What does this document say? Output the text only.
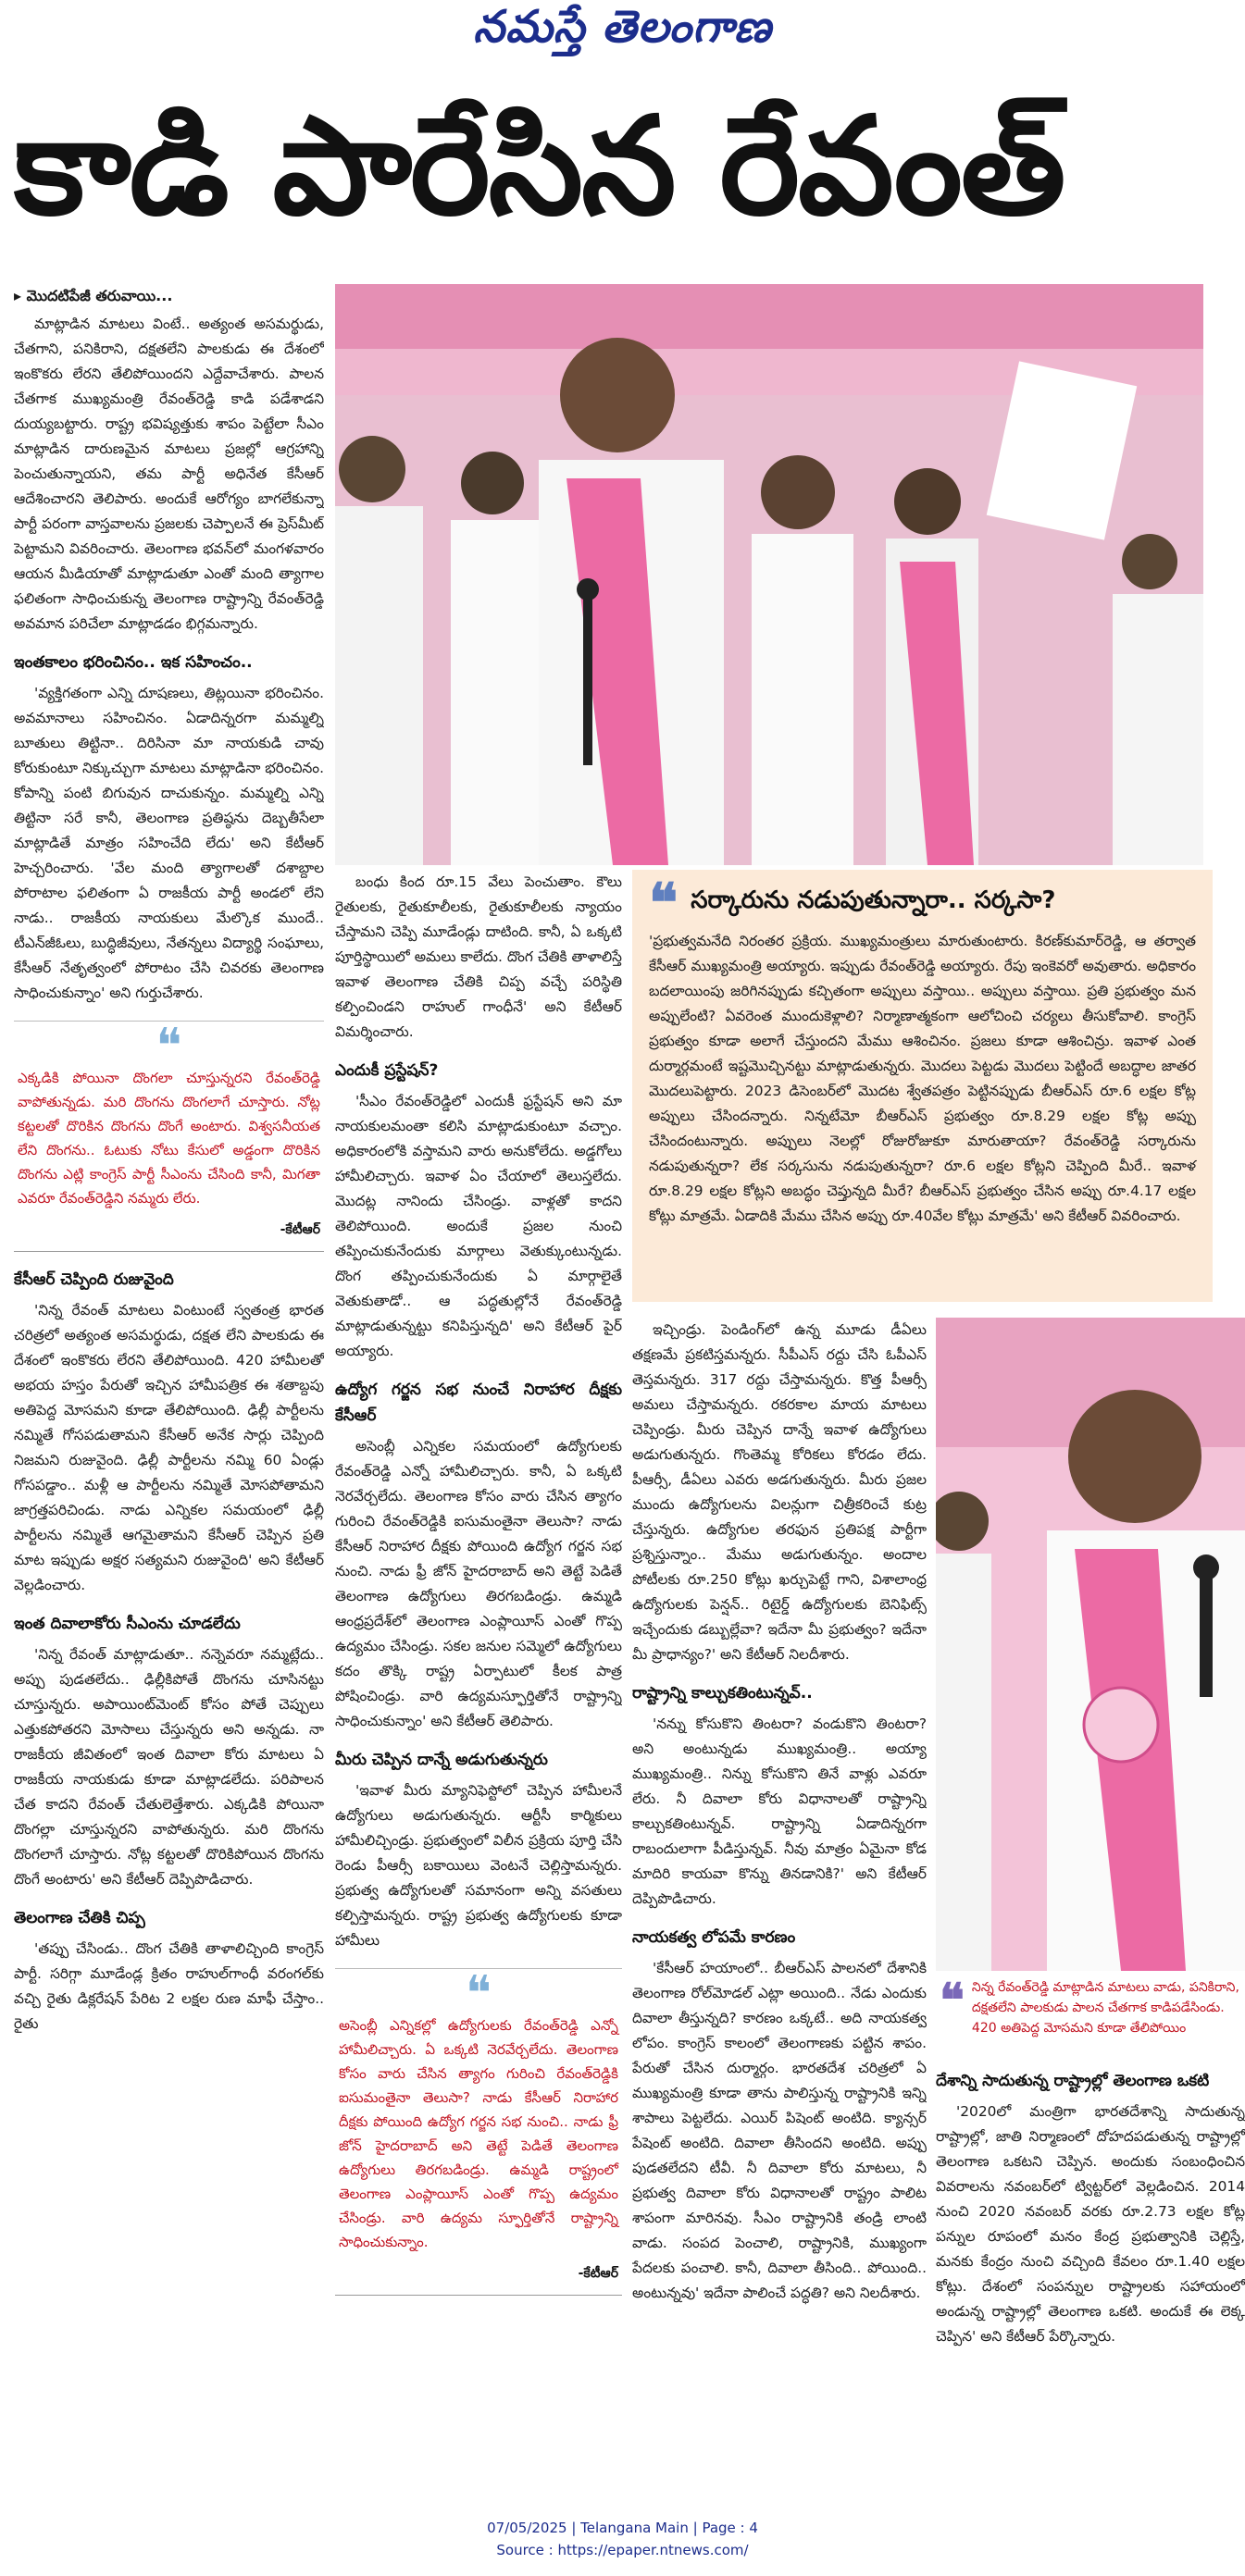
నమస్తే తెలంగాణ
కాడి పారేసిన రేవంత్
▸ మొదటిపేజీ తరువాయి...

మాట్లాడిన మాటలు వింటే.. అత్యంత అసమర్థుడు, చేతగాని, పనికిరాని, దక్షతలేని పాలకుడు ఈ దేశంలో ఇంకొకరు లేరని తేలిపోయిందని ఎద్దేవాచేశారు. పాలన చేతగాక ముఖ్యమంత్రి రేవంత్‌రెడ్డి కాడి పడేశాడని దుయ్యబట్టారు. రాష్ట్ర భవిష్యత్తుకు శాపం పెట్టేలా సీఎం మాట్లాడిన దారుణమైన మాటలు ప్రజల్లో ఆగ్రహాన్ని పెంచుతున్నాయని, తమ పార్టీ అధినేత కేసీఆర్ ఆదేశించారని తెలిపారు. అందుకే ఆరోగ్యం బాగలేకున్నా పార్టీ పరంగా వాస్తవాలను ప్రజలకు చెప్పాలనే ఈ ప్రెస్‌మీట్ పెట్టామని వివరించారు. తెలంగాణ భవన్‌లో మంగళవారం ఆయన మీడియాతో మాట్లాడుతూ ఎంతో మంది త్యాగాల ఫలితంగా సాధించుకున్న తెలంగాణ రాష్ట్రాన్ని రేవంత్‌రెడ్డి అవమాన పరిచేలా మాట్లాడడం భిగ్గమన్నారు.

ఇంతకాలం భరించినం.. ఇక సహించం..

'వ్యక్తిగతంగా ఎన్ని దూషణలు, తిట్లయినా భరించినం. అవమానాలు సహించినం. ఏడాదిన్నరగా మమ్మల్ని బూతులు తిట్టినా.. దిరిసినా మా నాయకుడి చావు కోరుకుంటూ నిక్కుచ్చుగా మాటలు మాట్లాడినా భరించినం. కోపాన్ని పంటి బిగువున దాచుకున్నం. మమ్మల్ని ఎన్ని తిట్టినా సరే కానీ, తెలంగాణ ప్రతిష్ఠను దెబ్బతీసేలా మాట్లాడితే మాత్రం సహించేది లేదు' అని కేటీఆర్ హెచ్చరించారు. 'వేల మంది త్యాగాలతో దశాబ్దాల పోరాటాల ఫలితంగా ఏ రాజకీయ పార్టీ అండలో లేని నాడు.. రాజకీయ నాయకులు మేల్కొక ముందే.. టీఎన్‌జీఓలు, బుద్ధిజీవులు, నేతన్నలు విద్యార్థి సంఘాలు, కేసీఆర్ నేతృత్వంలో పోరాటం చేసి చివరకు తెలంగాణ సాధించుకున్నాం' అని గుర్తుచేశారు.

❝
ఎక్కడికి పోయినా దొంగలా చూస్తున్నరని రేవంత్‌రెడ్డి వాపోతున్నడు. మరి దొంగను దొంగలాగే చూస్తారు. నోట్ల కట్టలతో దొరికిన దొంగను దొంగే అంటారు. విశ్వసనీయత లేని దొంగను.. ఓటుకు నోటు కేసులో అడ్డంగా దొరికిన దొంగను ఎట్లి కాంగ్రెస్ పార్టీ సీఎంను చేసింది కానీ, మిగతా ఎవరూ రేవంత్‌రెడ్డిని నమ్మరు లేరు.
-కేటీఆర్
కేసీఆర్ చెప్పింది రుజువైంది

'నిన్న రేవంత్ మాటలు వింటుంటే స్వతంత్ర భారత చరిత్రలో అత్యంత అసమర్థుడు, దక్షత లేని పాలకుడు ఈ దేశంలో ఇంకొకరు లేరని తేలిపోయింది. 420 హామీలతో అభయ హస్తం పేరుతో ఇచ్చిన హామీపత్రిక ఈ శతాబ్దపు అతిపెద్ద మోసమని కూడా తేలిపోయింది. ఢిల్లీ పార్టీలను నమ్మితే గోసపడుతామని కేసీఆర్ అనేక సార్లు చెప్పింది నిజమని రుజువైంది. ఢిల్లీ పార్టీలను నమ్మి 60 ఏండ్లు గోసపడ్డాం.. మళ్లీ ఆ పార్టీలను నమ్మితే మోసపోతామని జాగ్రత్తపరిచిండు. నాడు ఎన్నికల సమయంలో ఢిల్లీ పార్టీలను నమ్మితే ఆగమైతామని కేసీఆర్ చెప్పిన ప్రతి మాట ఇప్పుడు అక్షర సత్యమని రుజువైంది' అని కేటీఆర్ వెల్లడించారు.

ఇంత దివాలాకోరు సీఎంను చూడలేదు

'నిన్న రేవంత్ మాట్లాడుతూ.. నన్నెవరూ నమ్మట్లేదు.. అప్పు పుడతలేదు.. ఢిల్లీకిపోతే దొంగను చూసినట్టు చూస్తున్నరు. అపాయింట్‌మెంట్ కోసం పోతే చెప్పులు ఎత్తుకపోతరని మోసాలు చేస్తున్నరు అని అన్నడు. నా రాజకీయ జీవితంలో ఇంత దివాలా కోరు మాటలు ఏ రాజకీయ నాయకుడు కూడా మాట్లాడలేదు. పరిపాలన చేత కాదని రేవంత్ చేతులెత్తేశారు. ఎక్కడికి పోయినా దొంగల్లా చూస్తున్నరని వాపోతున్నరు. మరి దొంగను దొంగలాగే చూస్తారు. నోట్ల కట్టలతో దొరికిపోయిన దొంగను దొంగే అంటారు' అని కేటీఆర్ దెప్పిపొడిచారు.

తెలంగాణ చేతికి చిప్ప

'తప్పు చేసిండు.. దొంగ చేతికి తాళాలిచ్చింది కాంగ్రెస్ పార్టీ. సరిగ్గా మూడేండ్ల క్రితం రాహుల్‌గాంధీ వరంగల్‌కు వచ్చి రైతు డిక్లరేషన్ పేరిట 2 లక్షల రుణ మాఫీ చేస్తాం.. రైతు

బంధు కింద రూ.15 వేలు పెంచుతాం. కౌలు రైతులకు, రైతుకూలీలకు, రైతుకూలీలకు న్యాయం చేస్తామని చెప్పి మూడేండ్లు దాటింది. కానీ, ఏ ఒక్కటి పూర్తిస్థాయిలో అమలు కాలేదు. దొంగ చేతికి తాళాలిస్తే ఇవాళ తెలంగాణ చేతికి చిప్ప వచ్చే పరిస్థితి కల్పించిండని రాహుల్ గాంధీనే' అని కేటీఆర్ విమర్శించారు.

ఎందుకీ ప్రస్టేషన్?

'సీఎం రేవంత్‌రెడ్డిలో ఎందుకీ ఫ్రస్టేషన్ అని మా నాయకులమంతా కలిసి మాట్లాడుకుంటూ వచ్చాం. అధికారంలోకి వస్తామని వారు అనుకోలేదు. అడ్డగోలు హామీలిచ్చారు. ఇవాళ ఏం చేయాలో తెలుస్తలేదు. మొదట్ల నానిందు చేసిండ్రు. వాళ్లతో కాదని తెలిపోయింది. అందుకే ప్రజల నుంచి తప్పించుకునేందుకు మార్గాలు వెతుక్కుంటున్నడు. దొంగ తప్పించుకునేందుకు ఏ మార్గాలైతే వెతుకుతాడో.. ఆ పద్ధతుల్లోనే రేవంత్‌రెడ్డి మాట్లాడుతున్నట్టు కనిపిస్తున్నది' అని కేటీఆర్ పైర్ అయ్యారు.

ఉద్యోగ గర్జన సభ నుంచే నిరాహార దీక్షకు కేసీఆర్

అసెంబ్లీ ఎన్నికల సమయంలో ఉద్యోగులకు రేవంత్‌రెడ్డి ఎన్నో హామీలిచ్చారు. కానీ, ఏ ఒక్కటి నెరవేర్చలేదు. తెలంగాణ కోసం వారు చేసిన త్యాగం గురించి రేవంత్‌రెడ్డికి ఐసుమంతైనా తెలుసా? నాడు కేసీఆర్ నిరాహార దీక్షకు పోయింది ఉద్యోగ గర్జన సభ నుంచి. నాడు ఫ్రీ జోన్ హైదరాబాద్ అని తెట్టే పెడితే తెలంగాణ ఉద్యోగులు తిరగబడిండ్రు. ఉమ్మడి ఆంధ్రప్రదేశ్‌లో తెలంగాణ ఎంప్లాయీస్ ఎంతో గొప్ప ఉద్యమం చేసిండ్రు. సకల జనుల సమ్మెలో ఉద్యోగులు కదం తొక్కి రాష్ట్ర ఏర్పాటులో కీలక పాత్ర పోషించిండ్రు. వారి ఉద్యమస్ఫూర్తితోనే రాష్ట్రాన్ని సాధించుకున్నాం' అని కేటీఆర్ తెలిపారు.

మీరు చెప్పిన దాన్నే అడుగుతున్నరు

'ఇవాళ మీరు మ్యానిఫెస్టోలో చెప్పిన హామీలనే ఉద్యోగులు అడుగుతున్నరు. ఆర్టీసీ కార్మికులు హామీలిచ్చిండ్రు. ప్రభుత్వంలో విలీన ప్రక్రియ పూర్తి చేసి రెండు పీఆర్సీ బకాయిలు వెంటనే చెల్లిస్తామన్నరు. ప్రభుత్వ ఉద్యోగులతో సమానంగా అన్ని వసతులు కల్పిస్తామన్నరు. రాష్ట్ర ప్రభుత్వ ఉద్యోగులకు కూడా హామీలు

❝
అసెంబ్లీ ఎన్నికల్లో ఉద్యోగులకు రేవంత్‌రెడ్డి ఎన్నో హామీలిచ్చారు. ఏ ఒక్కటి నెరవేర్చలేదు. తెలంగాణ కోసం వారు చేసిన త్యాగం గురించి రేవంత్‌రెడ్డికి ఐసుమంతైనా తెలుసా? నాడు కేసీఆర్ నిరాహార దీక్షకు పోయింది ఉద్యోగ గర్జన సభ నుంచి.. నాడు ఫ్రీ జోన్ హైదరాబాద్ అని తెట్టే పెడితే తెలంగాణ ఉద్యోగులు తిరగబడిండ్రు. ఉమ్మడి రాష్ట్రంలో తెలంగాణ ఎంప్లాయీస్ ఎంతో గొప్ప ఉద్యమం చేసిండ్రు. వారి ఉద్యమ స్ఫూర్తితోనే రాష్ట్రాన్ని సాధించుకున్నాం.
-కేటీఆర్
❝ సర్కారును నడుపుతున్నారా.. సర్కసా?
'ప్రభుత్వమనేది నిరంతర ప్రక్రియ. ముఖ్యమంత్రులు మారుతుంటారు. కిరణ్‌కుమార్‌రెడ్డి, ఆ తర్వాత కేసీఆర్ ముఖ్యమంత్రి అయ్యారు. ఇప్పుడు రేవంత్‌రెడ్డి అయ్యారు. రేపు ఇంకెవరో అవుతారు. అధికారం బదలాయింపు జరిగినప్పుడు కచ్చితంగా అప్పులు వస్తాయి.. అప్పులు వస్తాయి. ప్రతి ప్రభుత్వం మన అప్పులేంటి? ఏవరెంత ముందుకెళ్లాలి? నిర్మాణాత్మకంగా ఆలోచించి చర్యలు తీసుకోవాలి. కాంగ్రెస్ ప్రభుత్వం కూడా అలాగే చేస్తుందని మేము ఆశించినం. ప్రజలు కూడా ఆశించిన్రు. ఇవాళ ఎంత దుర్మార్గమంటే ఇష్టమొచ్చినట్టు మాట్లాడుతున్నరు. మొదలు పెట్టడు మొదలు పెట్టిందే అబద్ధాల జాతర మొదలుపెట్టారు. 2023 డిసెంబర్‌లో మొదట శ్వేతపత్రం పెట్టినప్పుడు బీఆర్‌ఎస్ రూ.6 లక్షల కోట్ల అప్పులు చేసిందన్నారు. నిన్నటేమో బీఆర్‌ఎస్ ప్రభుత్వం రూ.8.29 లక్షల కోట్ల అప్పు చేసిందంటున్నారు. అప్పులు నెలల్లో రోజురోజుకూ మారుతాయా? రేవంత్‌రెడ్డి సర్కారును నడుపుతున్నరా? లేక సర్కసును నడుపుతున్నరా? రూ.6 లక్షల కోట్లని చెప్పింది మీరే.. ఇవాళ రూ.8.29 లక్షల కోట్లని అబద్ధం చెప్తున్నది మీరే? బీఆర్‌ఎస్ ప్రభుత్వం చేసిన అప్పు రూ.4.17 లక్షల కోట్లు మాత్రమే. ఏడాదికి మేము చేసిన అప్పు రూ.40వేల కోట్లు మాత్రమే' అని కేటీఆర్ వివరించారు.

ఇచ్చిండ్రు. పెండింగ్‌లో ఉన్న మూడు డీఏలు తక్షణమే ప్రకటిస్తమన్నరు. సీపీఎస్ రద్దు చేసి ఓపీఎస్ తెస్తమన్నరు. 317 రద్దు చేస్తామన్నరు. కొత్త పీఆర్సీ అమలు చేస్తామన్నరు. రకరకాల మాయ మాటలు చెప్పిండ్రు. మీరు చెప్పిన దాన్నే ఇవాళ ఉద్యోగులు అడుగుతున్నరు. గొంతెమ్మ కోరికలు కోరడం లేదు. పీఆర్సీ, డీఏలు ఎవరు అడగుతున్నరు. మీరు ప్రజల ముందు ఉద్యోగులను విలన్లుగా చిత్రీకరించే కుట్ర చేస్తున్నరు. ఉద్యోగుల తరఫున ప్రతిపక్ష పార్టీగా ప్రశ్నిస్తున్నాం.. మేము అడుగుతున్నం. అందాల పోటీలకు రూ.250 కోట్లు ఖర్చుపెట్టే గాని, విశాలాంధ్ర ఉద్యోగులకు పెన్షన్.. రిటైర్డ్ ఉద్యోగులకు బెనిఫిట్స్ ఇచ్చేందుకు డబ్బుల్లేవా? ఇదేనా మీ ప్రభుత్వం? ఇదేనా మీ ప్రాధాన్యం?' అని కేటీఆర్ నిలదీశారు.

రాష్ట్రాన్ని కాల్చుకతింటున్నవ్..

'నన్ను కోసుకొని తింటరా? వండుకొని తింటరా? అని అంటున్నడు ముఖ్యమంత్రి.. అయ్యా ముఖ్యమంత్రి.. నిన్ను కోసుకొని తినే వాళ్లు ఎవరూ లేరు. నీ దివాలా కోరు విధానాలతో రాష్ట్రాన్ని కాల్చుకతింటున్నవ్. రాష్ట్రాన్ని ఏడాదిన్నరగా రాబందులాగా పీడిస్తున్నవ్. నీవు మాత్రం ఏమైనా కోడ మాదిరి కాయవా కొన్ను తినడానికి?' అని కేటీఆర్ దెప్పిపొడిచారు.

నాయకత్వ లోపమే కారణం

'కేసీఆర్ హయాంలో.. బీఆర్‌ఎస్ పాలనలో దేశానికి తెలంగాణ రోల్‌మోడల్ ఎట్లా అయింది.. నేడు ఎందుకు దివాలా తీస్తున్నది? కారణం ఒక్కటే.. అది నాయకత్వ లోపం. కాంగ్రెస్ కాలంలో తెలంగాణకు పట్టిన శాపం. పేరుతో చేసిన దుర్మార్గం. భారతదేశ చరిత్రలో ఏ ముఖ్యమంత్రి కూడా తాను పాలిస్తున్న రాష్ట్రానికి ఇన్ని శాపాలు పెట్టలేదు. ఎయిర్ పిషెంట్ అంటిది. క్యాన్సర్ పేషెంట్ అంటిది. దివాలా తీసిందని అంటిది. అప్పు పుడతలేదని టీవీ. నీ దివాలా కోరు మాటలు, నీ ప్రభుత్వ దివాలా కోరు విధానాలతో రాష్ట్రం పాలిట శాపంగా మారినవు. సీఎం రాష్ట్రానికి తండ్రి లాంటి వాడు. సంపద పెంచాలి, రాష్ట్రానికి, ముఖ్యంగా పేదలకు పంచాలి. కానీ, దివాలా తీసింది.. పోయింది.. అంటున్నవు' ఇదేనా పాలించే పద్ధతి? అని నిలదీశారు.

❝ నిన్న రేవంత్‌రెడ్డి మాట్లాడిన మాటలు వాడు, పనికిరాని, దక్షతలేని పాలకుడు పాలన చేతగాక కాడిపడేసిండు. 420 అతిపెద్ద మోసమని కూడా తేలిపోయిం
దేశాన్ని సాదుతున్న రాష్ట్రాల్లో తెలంగాణ ఒకటి

'2020లో మంత్రిగా భారతదేశాన్ని సాదుతున్న రాష్ట్రాల్లో, జాతి నిర్మాణంలో దోహదపడుతున్న రాష్ట్రాల్లో తెలంగాణ ఒకటని చెప్పిన. అందుకు సంబంధించిన వివరాలను నవంబర్‌లో ట్విట్టర్‌లో వెల్లడించిన. 2014 నుంచి 2020 నవంబర్ వరకు రూ.2.73 లక్షల కోట్ల పన్నుల రూపంలో మనం కేంద్ర ప్రభుత్వానికి చెల్లిస్తే, మనకు కేంద్రం నుంచి వచ్చింది కేవలం రూ.1.40 లక్షల కోట్లు. దేశంలో సంపన్నుల రాష్ట్రాలకు సహాయంలో అండున్న రాష్ట్రాల్లో తెలంగాణ ఒకటి. అందుకే ఈ లెక్క చెప్పిన' అని కేటీఆర్ పేర్కొన్నారు.

07/05/2025 | Telangana Main | Page : 4
Source : https://epaper.ntnews.com/
